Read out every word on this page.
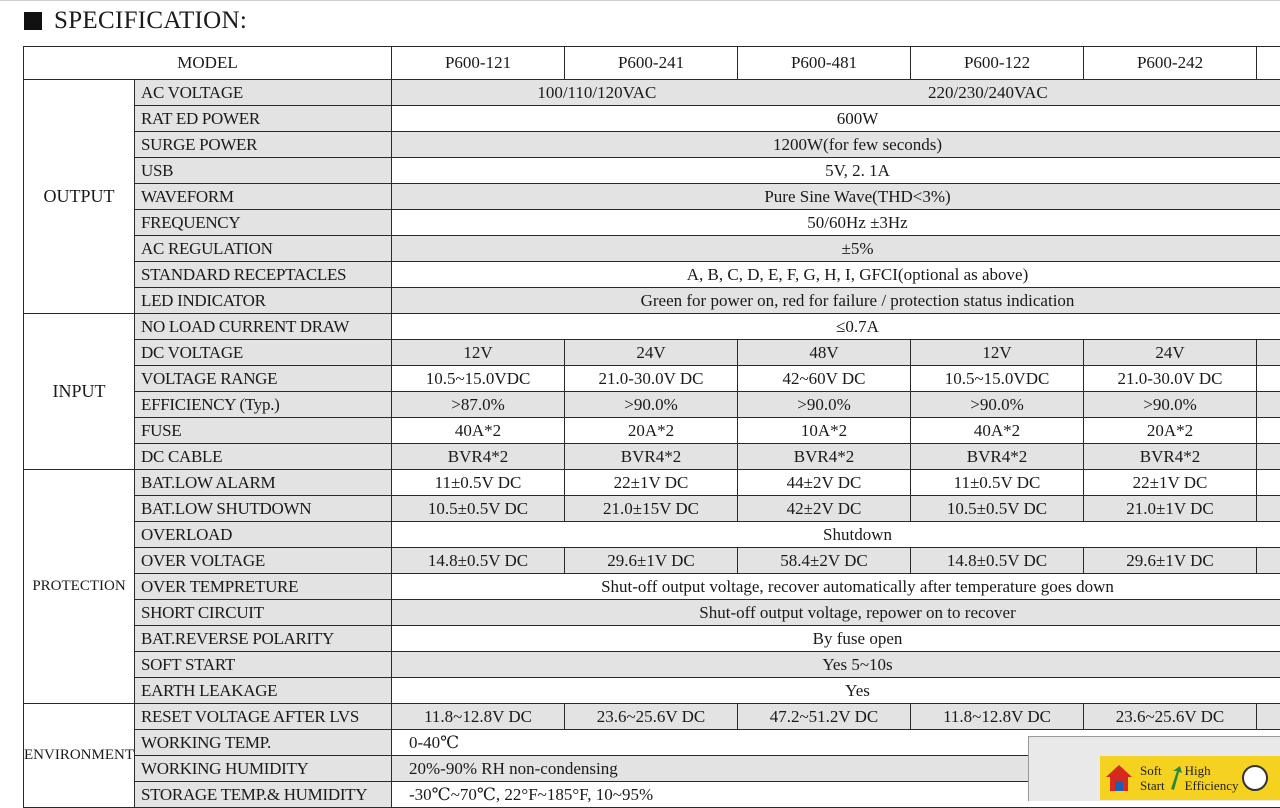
SPECIFICATION:
MODEL		P600-121	P600-241	P600-481	P600-122	P600-242	
OUTPUT	AC VOLTAGE	100/110/120VAC 220/230/240VAC					

	RAT ED POWER	600W					
	SURGE POWER	1200W(for few seconds)					
	USB	5V, 2. 1A					
	WAVEFORM	Pure Sine Wave(THD<3%)					
	FREQUENCY	50/60Hz ±3Hz					
	AC REGULATION	±5%					
	STANDARD RECEPTACLES	A, B, C, D, E, F, G, H, I, GFCI(optional as above)					
	LED INDICATOR	Green for power on, red for failure / protection status indication					
INPUT	NO LOAD CURRENT DRAW	≤0.7A					
	DC VOLTAGE	12V	24V	48V	12V	24V	
	VOLTAGE RANGE	10.5~15.0VDC	21.0-30.0V DC	42~60V DC	10.5~15.0VDC	21.0-30.0V DC	
	EFFICIENCY (Typ.)	>87.0%	>90.0%	>90.0%	>90.0%	>90.0%	
	FUSE	40A*2	20A*2	10A*2	40A*2	20A*2	
	DC CABLE	BVR4*2	BVR4*2	BVR4*2	BVR4*2	BVR4*2	
PROTECTION	BAT.LOW ALARM	11±0.5V DC	22±1V DC	44±2V DC	11±0.5V DC	22±1V DC	
	BAT.LOW SHUTDOWN	10.5±0.5V DC	21.0±15V DC	42±2V DC	10.5±0.5V DC	21.0±1V DC	
	OVERLOAD	Shutdown					
	OVER VOLTAGE	14.8±0.5V DC	29.6±1V DC	58.4±2V DC	14.8±0.5V DC	29.6±1V DC	
	OVER TEMPRETURE	Shut-off output voltage, recover automatically after temperature goes down					
	SHORT CIRCUIT	Shut-off output voltage, repower on to recover					
	BAT.REVERSE POLARITY	By fuse open					
	SOFT START	Yes 5~10s					
	EARTH LEAKAGE	Yes					
ENVIRONMENT	RESET VOLTAGE AFTER LVS	11.8~12.8V DC	23.6~25.6V DC	47.2~51.2V DC	11.8~12.8V DC	23.6~25.6V DC	
	WORKING TEMP.	0-40℃					
	WORKING HUMIDITY	20%-90% RH non-condensing					
	STORAGE TEMP.& HUMIDITY	-30℃~70℃, 22°F~185°F, 10~95%					
Soft
Start
High
Efficiency
